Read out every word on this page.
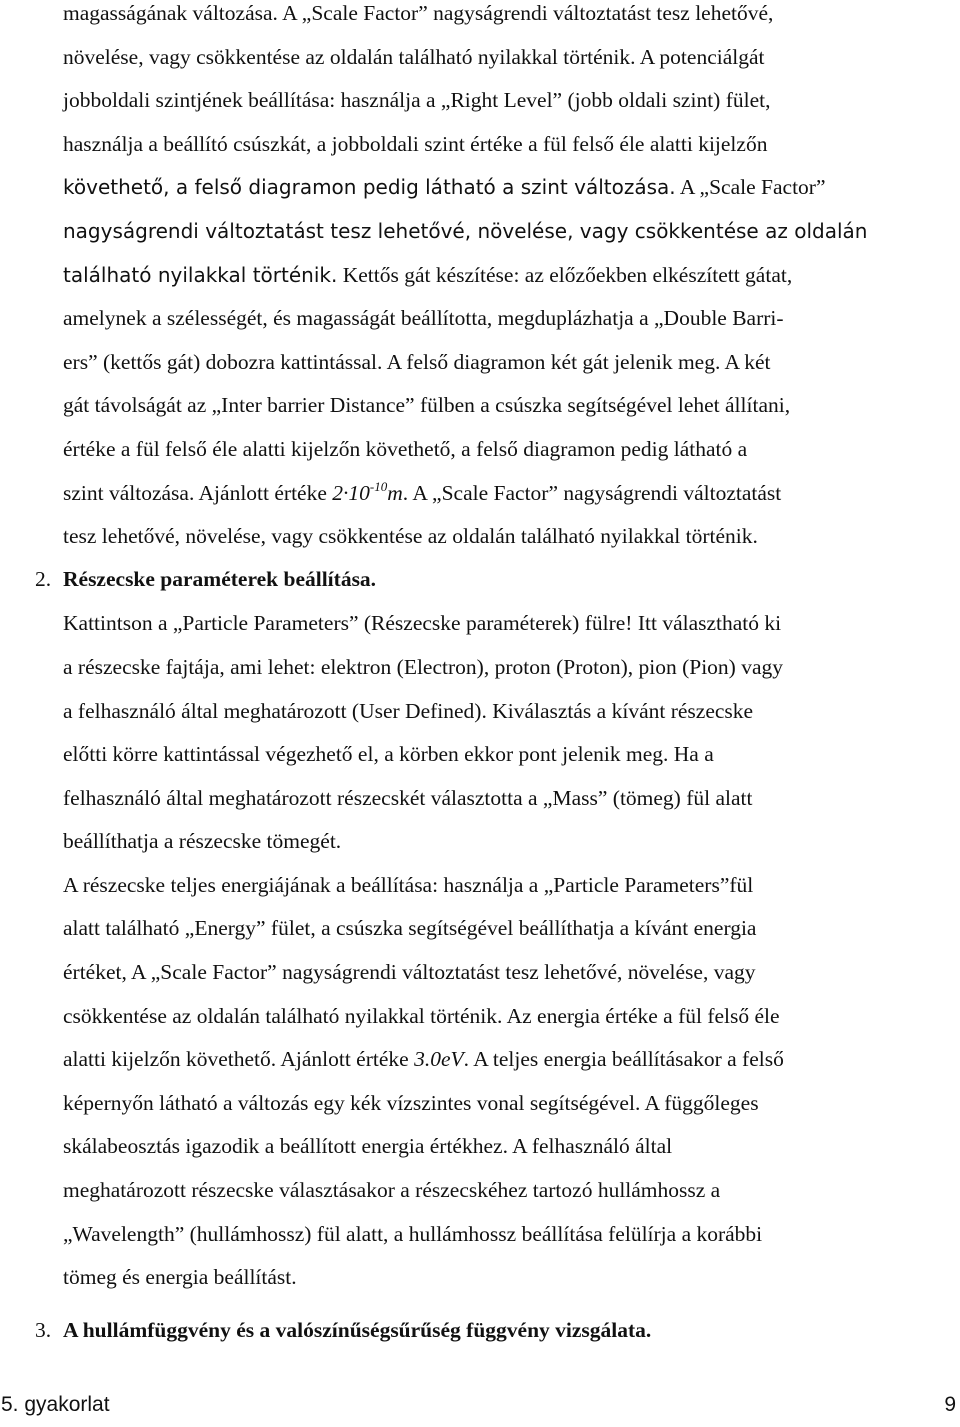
magasságának változása. A „Scale Factor” nagyságrendi változtatást tesz lehetővé,
növelése, vagy csökkentése az oldalán található nyilakkal történik. A potenciálgát
jobboldali szintjének beállítása: használja a „Right Level” (jobb oldali szint) fület,
használja a beállító csúszkát, a jobboldali szint értéke a fül felső éle alatti kijelzőn
követhető, a felső diagramon pedig látható a szint változása. A „Scale Factor”
nagyságrendi változtatást tesz lehetővé, növelése, vagy csökkentése az oldalán
található nyilakkal történik. Kettős gát készítése: az előzőekben elkészített gátat,
amelynek a szélességét, és magasságát beállította, megduplázhatja a „Double Barri-
ers” (kettős gát) dobozra kattintással. A felső diagramon két gát jelenik meg. A két
gát távolságát az „Inter barrier Distance” fülben a csúszka segítségével lehet állítani,
értéke a fül felső éle alatti kijelzőn követhető, a felső diagramon pedig látható a
szint változása. Ajánlott értéke $2\cdot 10^{-10}m$. A „Scale Factor” nagyságrendi változtatást
tesz lehetővé, növelése, vagy csökkentése az oldalán található nyilakkal történik.
Kattintson a „Particle Parameters” (Részecske paraméterek) fülre! Itt választható ki
a részecske fajtája, ami lehet: elektron (Electron), proton (Proton), pion (Pion) vagy
a felhasználó által meghatározott (User Defined). Kiválasztás a kívánt részecske
előtti körre kattintással végezhető el, a körben ekkor pont jelenik meg. Ha a
felhasználó által meghatározott részecskét választotta a „Mass” (tömeg) fül alatt
beállíthatja a részecske tömegét.
A részecske teljes energiájának a beállítása: használja a „Particle Parameters”fül
alatt található „Energy” fület, a csúszka segítségével beállíthatja a kívánt energia
értéket, A „Scale Factor” nagyságrendi változtatást tesz lehetővé, növelése, vagy
csökkentése az oldalán található nyilakkal történik. Az energia értéke a fül felső éle
alatti kijelzőn követhető. Ajánlott értéke 3.0eV. A teljes energia beállításakor a felső
képernyőn látható a változás egy kék vízszintes vonal segítségével. A függőleges
skálabeosztás igazodik a beállított energia értékhez. A felhasználó által
meghatározott részecske választásakor a részecskéhez tartozó hullámhossz a
„Wavelength” (hullámhossz) fül alatt, a hullámhossz beállítása felülírja a korábbi
tömeg és energia beállítást.
2. Részecske paraméterek beállítása.
3. A hullámfüggvény és a valószínűségsűrűség függvény vizsgálata.
5. gyakorlat	9
